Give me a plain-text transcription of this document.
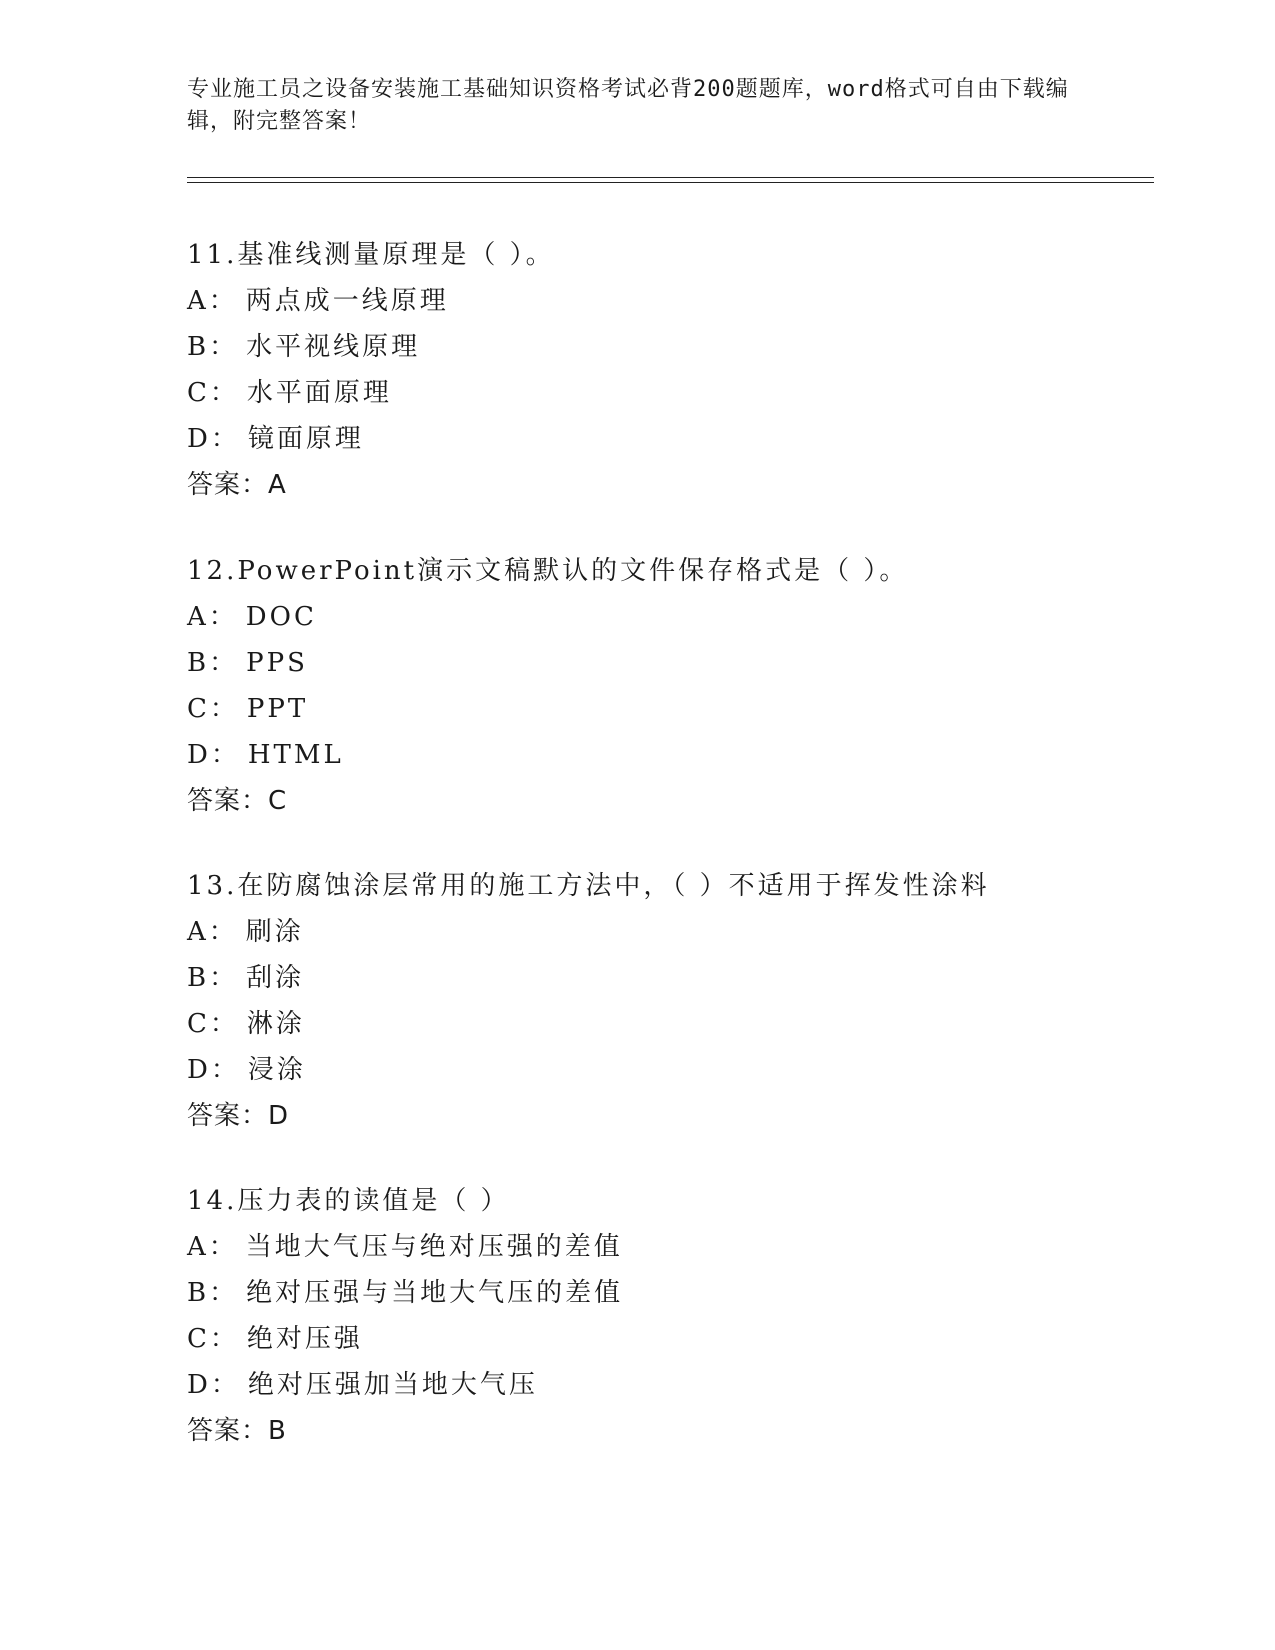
专业施工员之设备安装施工基础知识资格考试必背200题题库，word格式可自由下载编辑，附完整答案！
11.基准线测量原理是（ ）。
A： 两点成一线原理
B： 水平视线原理
C： 水平面原理
D： 镜面原理
答案：A
12.PowerPoint演示文稿默认的文件保存格式是（ ）。
A： DOC
B： PPS
C： PPT
D： HTML
答案：C
13.在防腐蚀涂层常用的施工方法中，（ ）不适用于挥发性涂料
A： 刷涂
B： 刮涂
C： 淋涂
D： 浸涂
答案：D
14.压力表的读值是（ ）
A： 当地大气压与绝对压强的差值
B： 绝对压强与当地大气压的差值
C： 绝对压强
D： 绝对压强加当地大气压
答案：B
